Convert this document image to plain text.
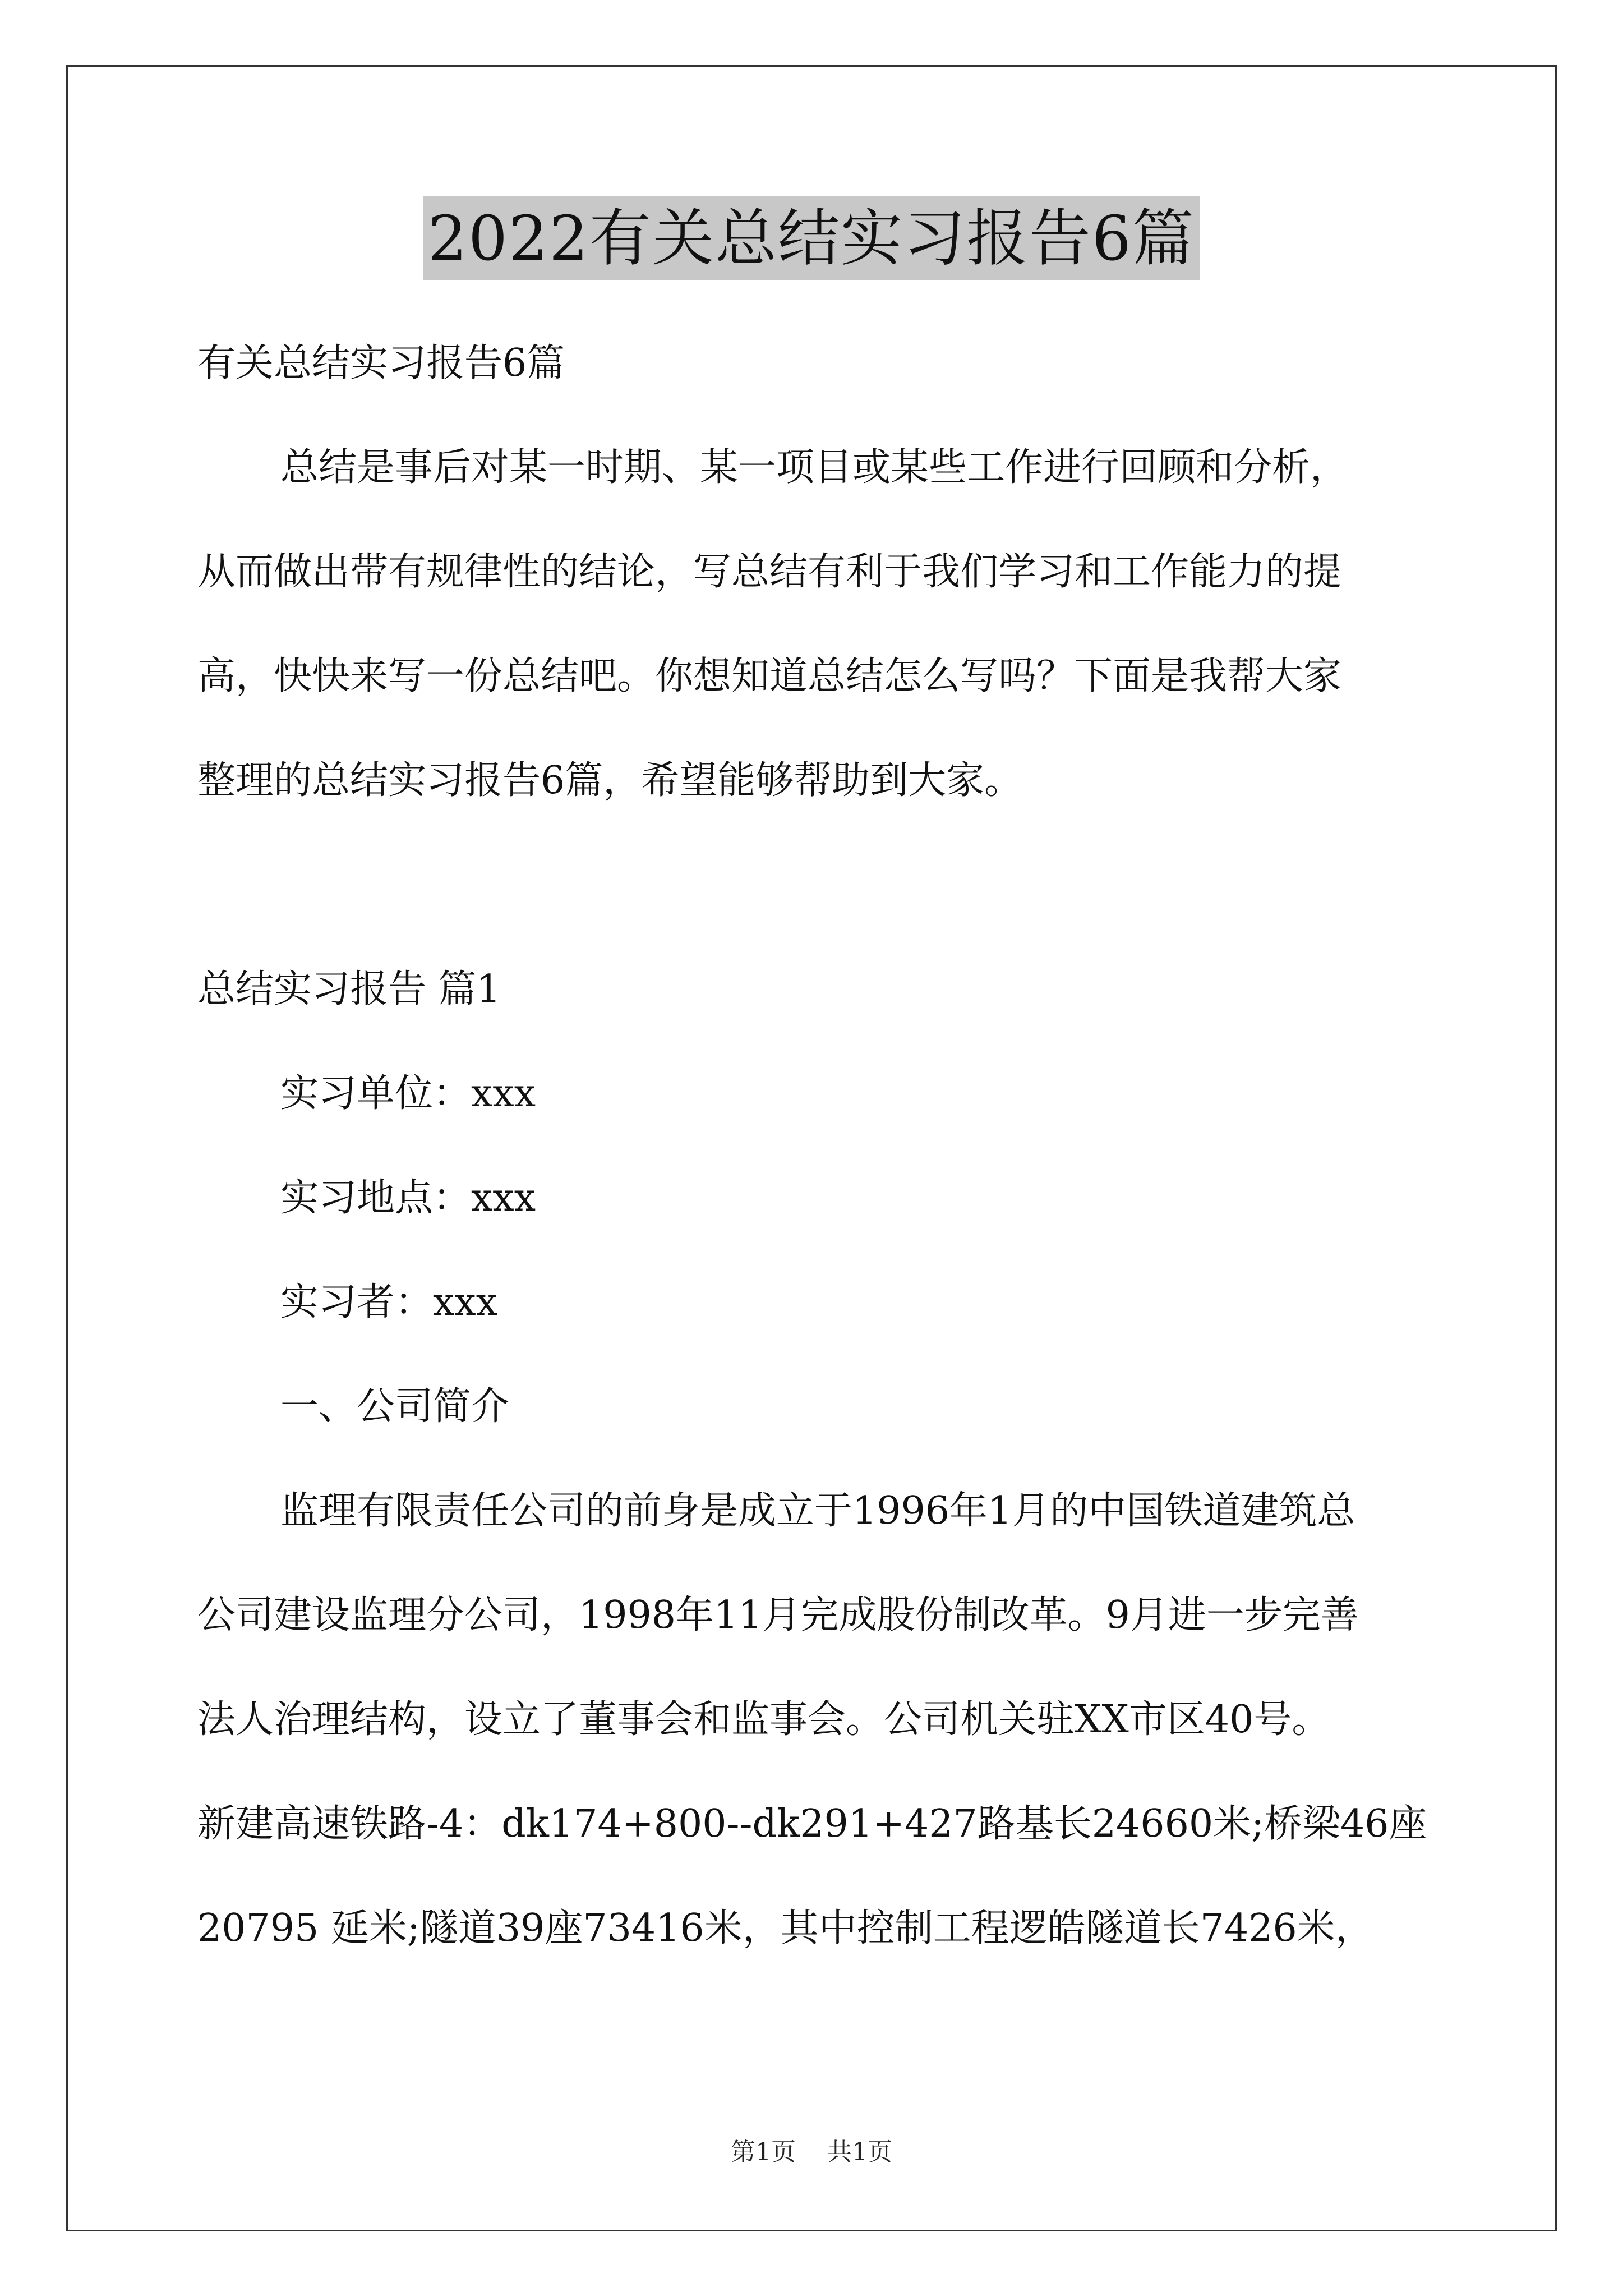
2022有关总结实习报告6篇

有关总结实习报告6篇

总结是事后对某一时期、某一项目或某些工作进行回顾和分析，

从而做出带有规律性的结论，写总结有利于我们学习和工作能力的提

高，快快来写一份总结吧。你想知道总结怎么写吗？下面是我帮大家

整理的总结实习报告6篇，希望能够帮助到大家。

总结实习报告 篇1

实习单位：xxx

实习地点：xxx

实习者：xxx

一、公司简介

监理有限责任公司的前身是成立于1996年1月的中国铁道建筑总

公司建设监理分公司，1998年11月完成股份制改革。9月进一步完善

法人治理结构，设立了董事会和监事会。公司机关驻XX市区40号。

新建高速铁路-4：dk174+800--dk291+427路基长24660米;桥梁46座

20795 延米;隧道39座73416米，其中控制工程逻皓隧道长7426米，

第1页 共1页
